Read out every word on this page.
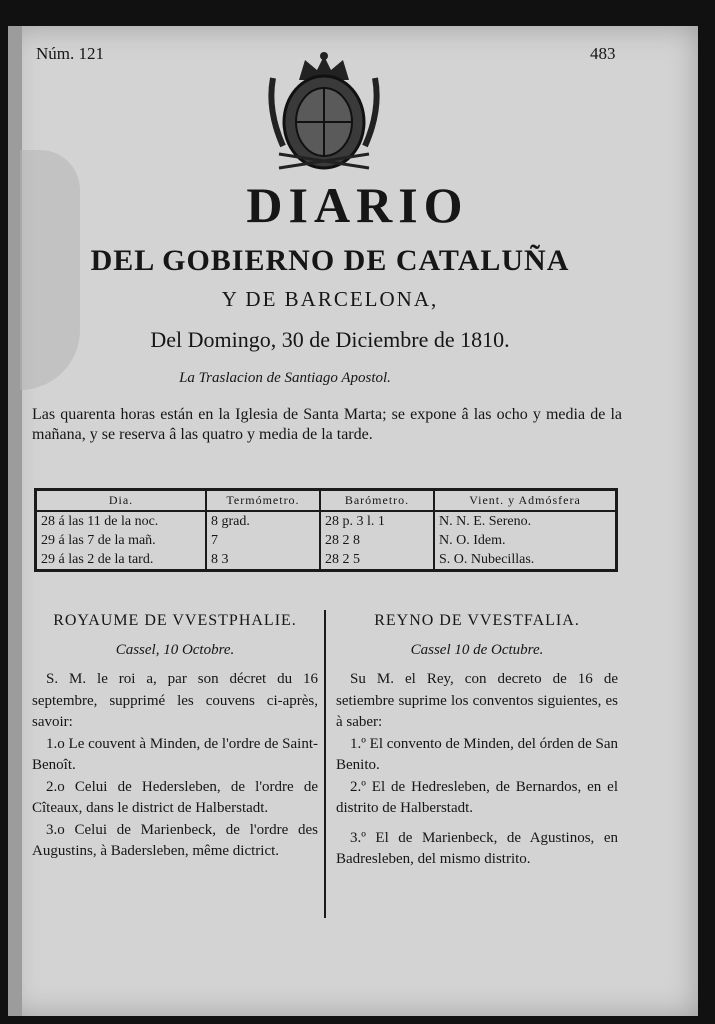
Núm. 121	483
DIARIO
DEL GOBIERNO DE CATALUÑA
Y DE BARCELONA,
Del Domingo, 30 de Diciembre de 1810.
La Traslacion de Santiago Apostol.
Las quarenta horas están en la Iglesia de Santa Marta; se expone â las ocho y media de la mañana, y se reserva â las quatro y media de la tarde.
Dia.	Termómetro.	Barómetro.	Vient. y Admósfera
28 á las 11 de la noc.	8 grad.	28 p. 3 l. 1	N. N. E. Sereno.
29 á las 7 de la mañ.	7	28 2 8	N. O. Idem.
29 á las 2 de la tard.	8 3	28 2 5	S. O. Nubecillas.
ROYAUME DE VVESTPHALIE.
Cassel, 10 Octobre.

S. M. le roi a, par son décret du 16 septembre, supprimé les couvens ci-après, savoir:

1.o Le couvent à Minden, de l'ordre de Saint-Benoît.

2.o Celui de Hedersleben, de l'ordre de Cîteaux, dans le district de Halberstadt.

3.o Celui de Marienbeck, de l'ordre des Augustins, à Badersleben, même dictrict.

REYNO DE VVESTFALIA.
Cassel 10 de Octubre.

Su M. el Rey, con decreto de 16 de setiembre suprime los conventos siguientes, es à saber:

1.º El convento de Minden, del órden de San Benito.

2.º El de Hedresleben, de Bernardos, en el distrito de Halberstadt.

3.º El de Marienbeck, de Agustinos, en Badresleben, del mismo distrito.
